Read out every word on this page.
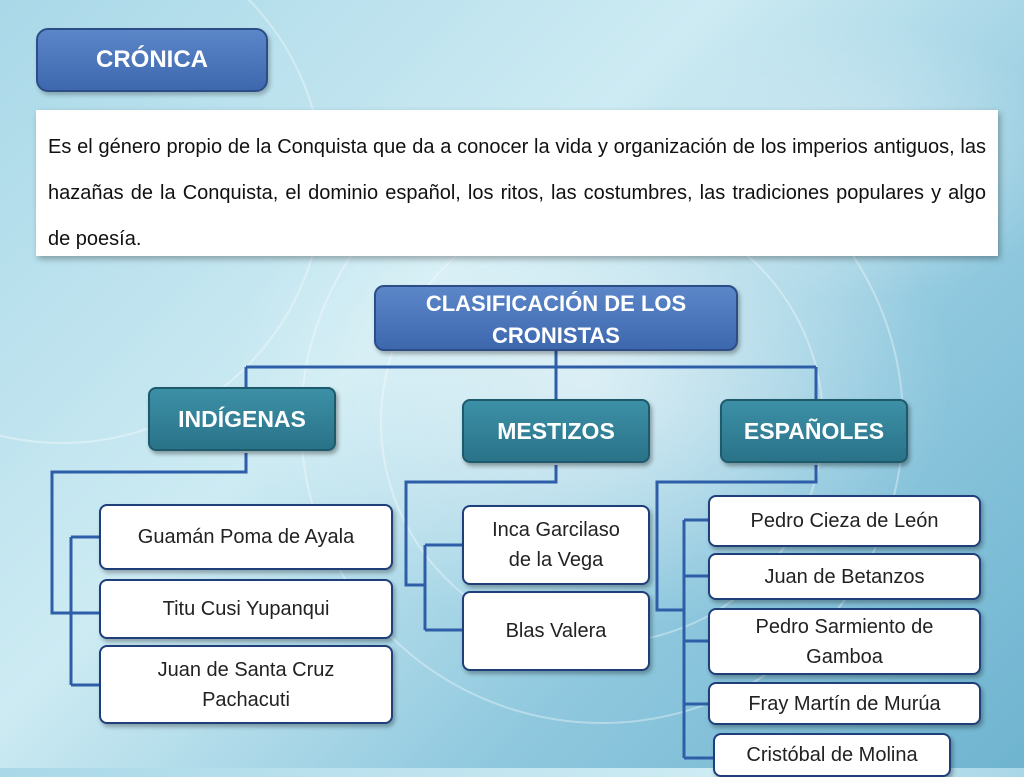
CRÓNICA
Es el género propio de la Conquista que da a conocer la vida y organización de los imperios antiguos, las hazañas de la Conquista, el dominio español, los ritos, las costumbres, las tradiciones populares y algo de poesía.
CLASIFICACIÓN DE LOS
CRONISTAS
INDÍGENAS	MESTIZOS	ESPAÑOLES
Guamán Poma de Ayala
Titu Cusi Yupanqui
Juan de Santa Cruz
Pachacuti
Inca Garcilaso
de la Vega
Blas Valera
Pedro Cieza de León
Juan de Betanzos
Pedro Sarmiento de
Gamboa
Fray Martín de Murúa
Cristóbal de Molina
